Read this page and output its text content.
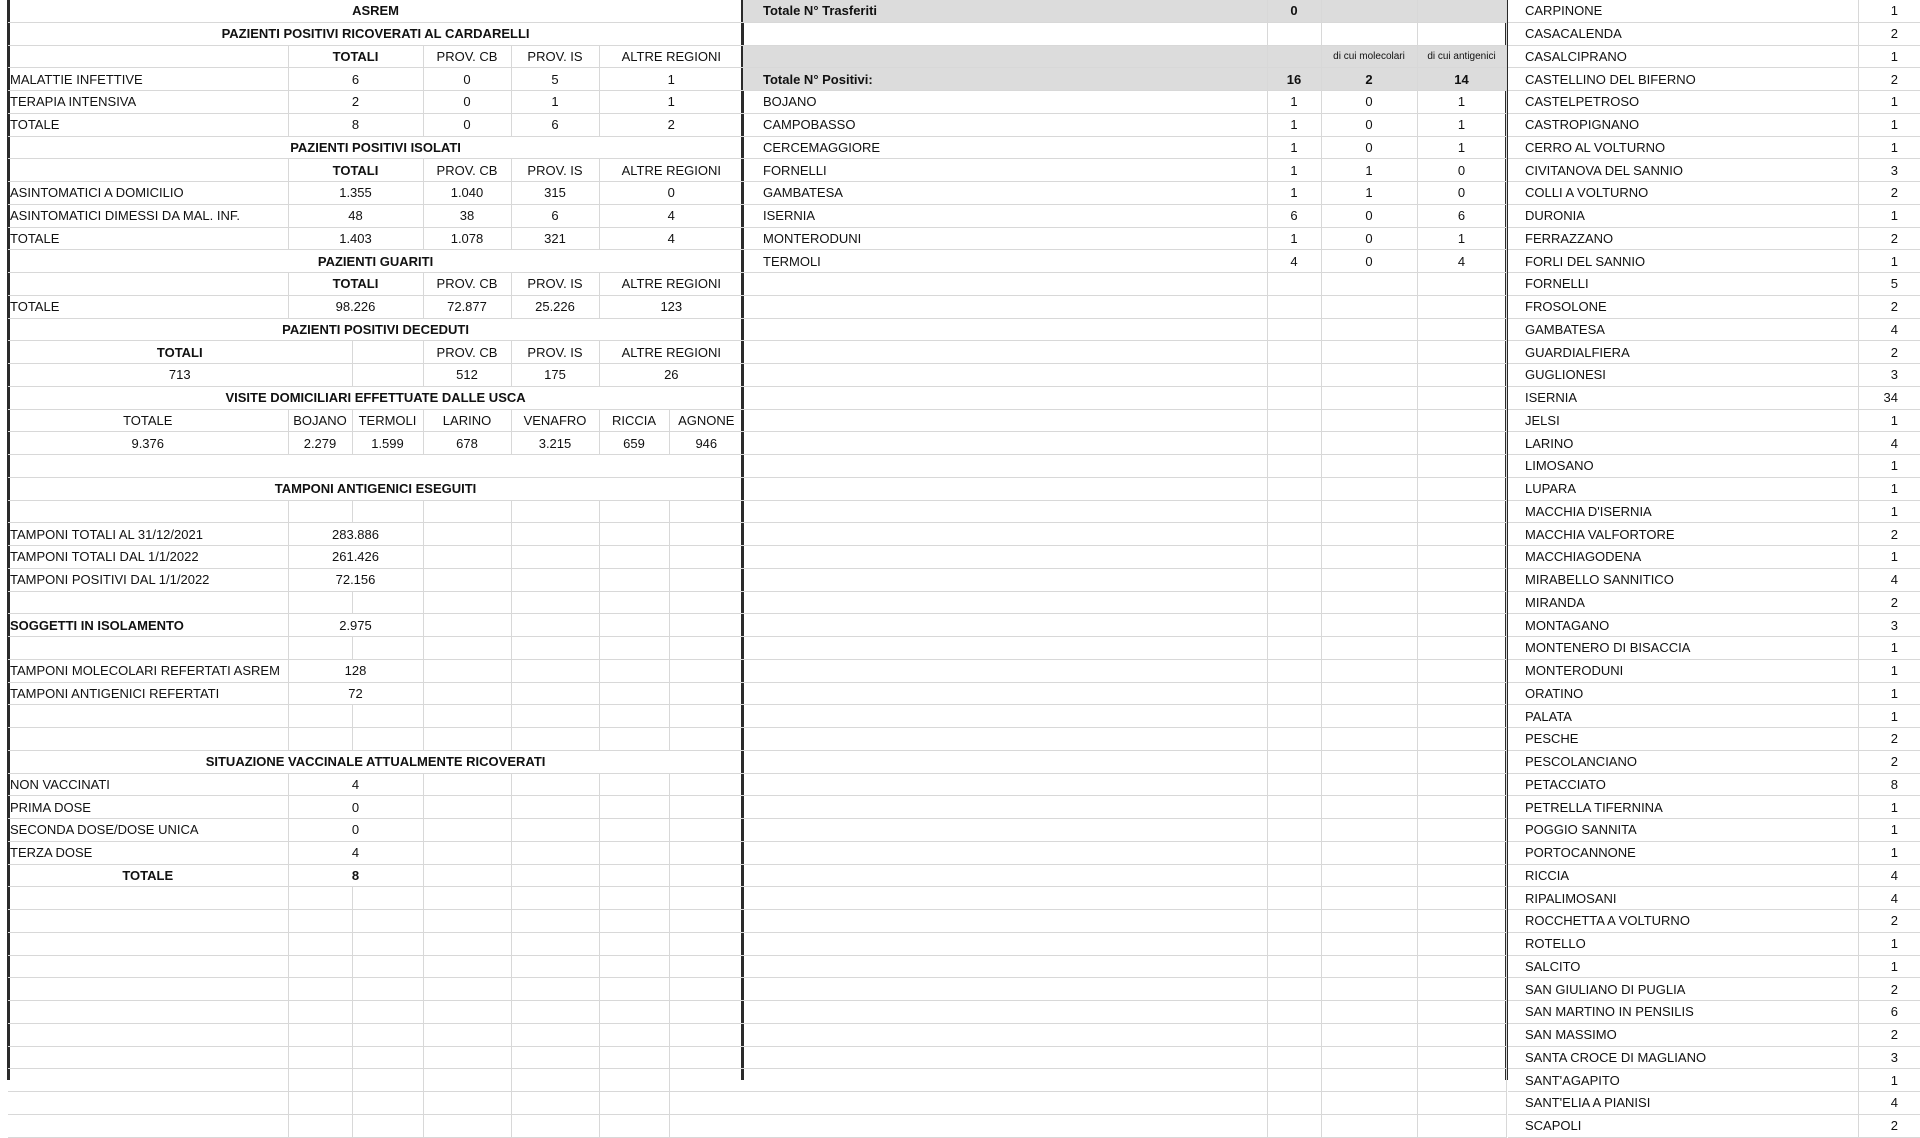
ASREM						
PAZIENTI POSITIVI RICOVERATI AL CARDARELLI						
	TOTALI		PROV. CB	PROV. IS	ALTRE REGIONI	
MALATTIE INFETTIVE	6		0	5	1	
TERAPIA INTENSIVA	2		0	1	1	
TOTALE	8		0	6	2	
PAZIENTI POSITIVI ISOLATI						
	TOTALI		PROV. CB	PROV. IS	ALTRE REGIONI	
ASINTOMATICI A DOMICILIO	1.355		1.040	315	0	
ASINTOMATICI DIMESSI DA MAL. INF.	48		38	6	4	
TOTALE	1.403		1.078	321	4	
PAZIENTI GUARITI						
	TOTALI		PROV. CB	PROV. IS	ALTRE REGIONI	
TOTALE	98.226		72.877	25.226	123	
PAZIENTI POSITIVI DECEDUTI						
TOTALI			PROV. CB	PROV. IS	ALTRE REGIONI	
713			512	175	26	
VISITE DOMICILIARI EFFETTUATE DALLE USCA						
TOTALE	BOJANO	TERMOLI	LARINO	VENAFRO	RICCIA	AGNONE
9.376	2.279	1.599	678	3.215	659	946

TAMPONI ANTIGENICI ESEGUITI						

TAMPONI TOTALI AL 31/12/2021	283.886					
TAMPONI TOTALI DAL 1/1/2022	261.426					
TAMPONI POSITIVI DAL 1/1/2022	72.156					

SOGGETTI IN ISOLAMENTO	2.975					

TAMPONI MOLECOLARI REFERTATI ASREM	128					
TAMPONI ANTIGENICI REFERTATI	72					

SITUAZIONE VACCINALE ATTUALMENTE RICOVERATI						
NON VACCINATI	4					
PRIMA DOSE	0					
SECONDA DOSE/DOSE UNICA	0					
TERZA DOSE	4					
TOTALE	8					

Totale N° Trasferiti	0		

		di cui molecolari	di cui antigenici
Totale N° Positivi:	16	2	14
BOJANO	1	0	1
CAMPOBASSO	1	0	1
CERCEMAGGIORE	1	0	1
FORNELLI	1	1	0
GAMBATESA	1	1	0
ISERNIA	6	0	6
MONTERODUNI	1	0	1
TERMOLI	4	0	4

CARPINONE	1
CASACALENDA	2
CASALCIPRANO	1
CASTELLINO DEL BIFERNO	2
CASTELPETROSO	1
CASTROPIGNANO	1
CERRO AL VOLTURNO	1
CIVITANOVA DEL SANNIO	3
COLLI A VOLTURNO	2
DURONIA	1
FERRAZZANO	2
FORLI DEL SANNIO	1
FORNELLI	5
FROSOLONE	2
GAMBATESA	4
GUARDIALFIERA	2
GUGLIONESI	3
ISERNIA	34
JELSI	1
LARINO	4
LIMOSANO	1
LUPARA	1
MACCHIA D'ISERNIA	1
MACCHIA VALFORTORE	2
MACCHIAGODENA	1
MIRABELLO SANNITICO	4
MIRANDA	2
MONTAGANO	3
MONTENERO DI BISACCIA	1
MONTERODUNI	1
ORATINO	1
PALATA	1
PESCHE	2
PESCOLANCIANO	2
PETACCIATO	8
PETRELLA TIFERNINA	1
POGGIO SANNITA	1
PORTOCANNONE	1
RICCIA	4
RIPALIMOSANI	4
ROCCHETTA A VOLTURNO	2
ROTELLO	1
SALCITO	1
SAN GIULIANO DI PUGLIA	2
SAN MARTINO IN PENSILIS	6
SAN MASSIMO	2
SANTA CROCE DI MAGLIANO	3
SANT'AGAPITO	1
SANT'ELIA A PIANISI	4
SCAPOLI	2
